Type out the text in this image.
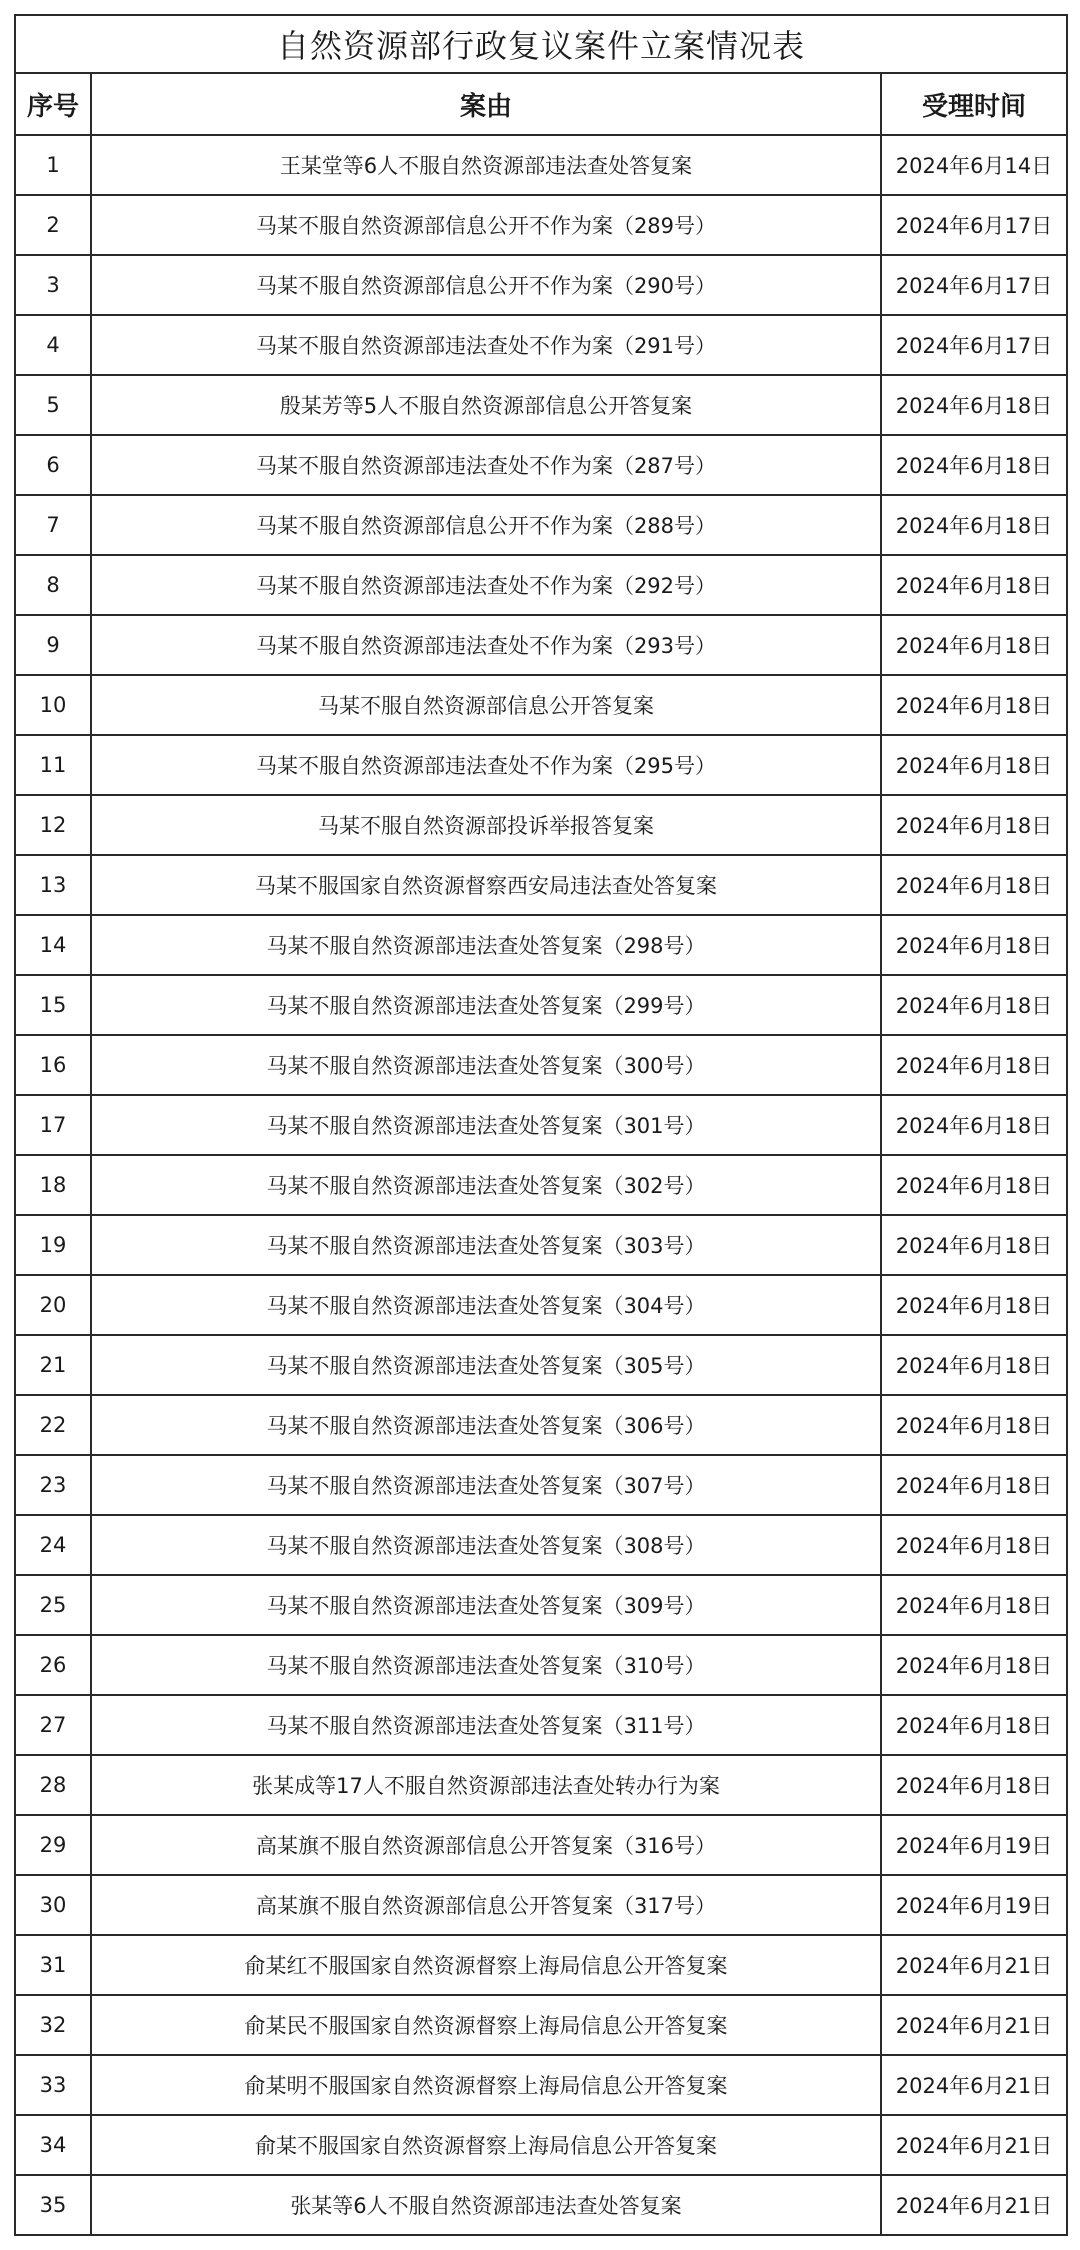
自然资源部行政复议案件立案情况表		
序号	案由	受理时间
1	王某堂等6人不服自然资源部违法查处答复案	2024年6月14日
2	马某不服自然资源部信息公开不作为案（289号）	2024年6月17日
3	马某不服自然资源部信息公开不作为案（290号）	2024年6月17日
4	马某不服自然资源部违法查处不作为案（291号）	2024年6月17日
5	殷某芳等5人不服自然资源部信息公开答复案	2024年6月18日
6	马某不服自然资源部违法查处不作为案（287号）	2024年6月18日
7	马某不服自然资源部信息公开不作为案（288号）	2024年6月18日
8	马某不服自然资源部违法查处不作为案（292号）	2024年6月18日
9	马某不服自然资源部违法查处不作为案（293号）	2024年6月18日
10	马某不服自然资源部信息公开答复案	2024年6月18日
11	马某不服自然资源部违法查处不作为案（295号）	2024年6月18日
12	马某不服自然资源部投诉举报答复案	2024年6月18日
13	马某不服国家自然资源督察西安局违法查处答复案	2024年6月18日
14	马某不服自然资源部违法查处答复案（298号）	2024年6月18日
15	马某不服自然资源部违法查处答复案（299号）	2024年6月18日
16	马某不服自然资源部违法查处答复案（300号）	2024年6月18日
17	马某不服自然资源部违法查处答复案（301号）	2024年6月18日
18	马某不服自然资源部违法查处答复案（302号）	2024年6月18日
19	马某不服自然资源部违法查处答复案（303号）	2024年6月18日
20	马某不服自然资源部违法查处答复案（304号）	2024年6月18日
21	马某不服自然资源部违法查处答复案（305号）	2024年6月18日
22	马某不服自然资源部违法查处答复案（306号）	2024年6月18日
23	马某不服自然资源部违法查处答复案（307号）	2024年6月18日
24	马某不服自然资源部违法查处答复案（308号）	2024年6月18日
25	马某不服自然资源部违法查处答复案（309号）	2024年6月18日
26	马某不服自然资源部违法查处答复案（310号）	2024年6月18日
27	马某不服自然资源部违法查处答复案（311号）	2024年6月18日
28	张某成等17人不服自然资源部违法查处转办行为案	2024年6月18日
29	高某旗不服自然资源部信息公开答复案（316号）	2024年6月19日
30	高某旗不服自然资源部信息公开答复案（317号）	2024年6月19日
31	俞某红不服国家自然资源督察上海局信息公开答复案	2024年6月21日
32	俞某民不服国家自然资源督察上海局信息公开答复案	2024年6月21日
33	俞某明不服国家自然资源督察上海局信息公开答复案	2024年6月21日
34	俞某不服国家自然资源督察上海局信息公开答复案	2024年6月21日
35	张某等6人不服自然资源部违法查处答复案	2024年6月21日
